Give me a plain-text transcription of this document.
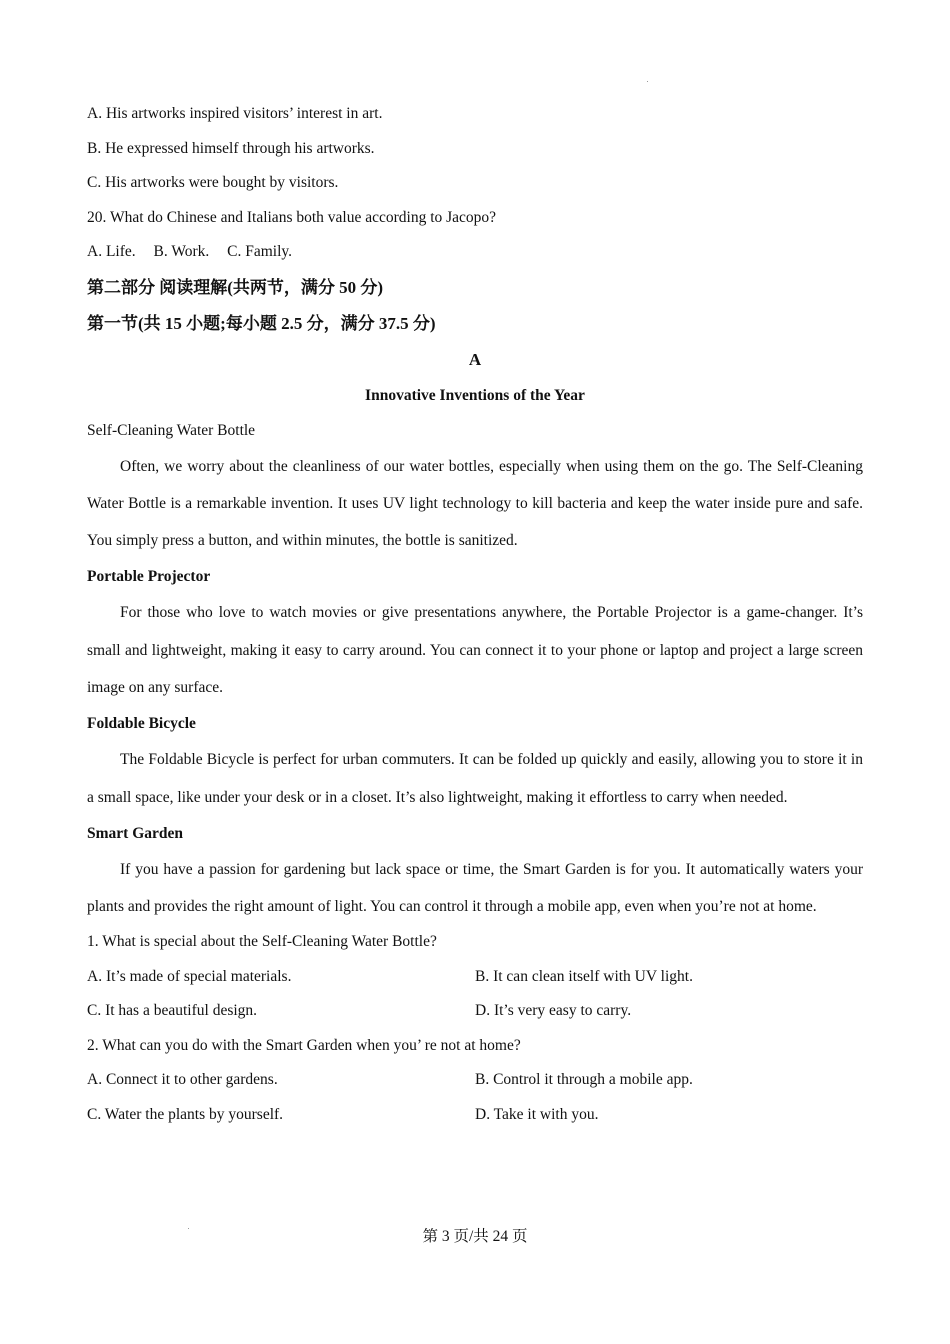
A. His artworks inspired visitors’ interest in art.
B. He expressed himself through his artworks.
C. His artworks were bought by visitors.
20. What do Chinese and Italians both value according to Jacopo?
A. Life. B. Work. C. Family.
第二部分 阅读理解(共两节，满分 50 分)
第一节(共 15 小题;每小题 2.5 分，满分 37.5 分)
A
Innovative Inventions of the Year
Self-Cleaning Water Bottle

Often, we worry about the cleanliness of our water bottles, especially when using them on the go. The Self-Cleaning Water Bottle is a remarkable invention. It uses UV light technology to kill bacteria and keep the water inside pure and safe. You simply press a button, and within minutes, the bottle is sanitized.

Portable Projector

For those who love to watch movies or give presentations anywhere, the Portable Projector is a game-changer. It’s small and lightweight, making it easy to carry around. You can connect it to your phone or laptop and project a large screen image on any surface.

Foldable Bicycle

The Foldable Bicycle is perfect for urban commuters. It can be folded up quickly and easily, allowing you to store it in a small space, like under your desk or in a closet. It’s also lightweight, making it effortless to carry when needed.

Smart Garden

If you have a passion for gardening but lack space or time, the Smart Garden is for you. It automatically waters your plants and provides the right amount of light. You can control it through a mobile app, even when you’re not at home.

1. What is special about the Self-Cleaning Water Bottle?
A. It’s made of special materials.	B. It can clean itself with UV light.
C. It has a beautiful design.	D. It’s very easy to carry.
2. What can you do with the Smart Garden when you’ re not at home?
A. Connect it to other gardens.	B. Control it through a mobile app.
C. Water the plants by yourself.	D. Take it with you.
第 3 页/共 24 页
